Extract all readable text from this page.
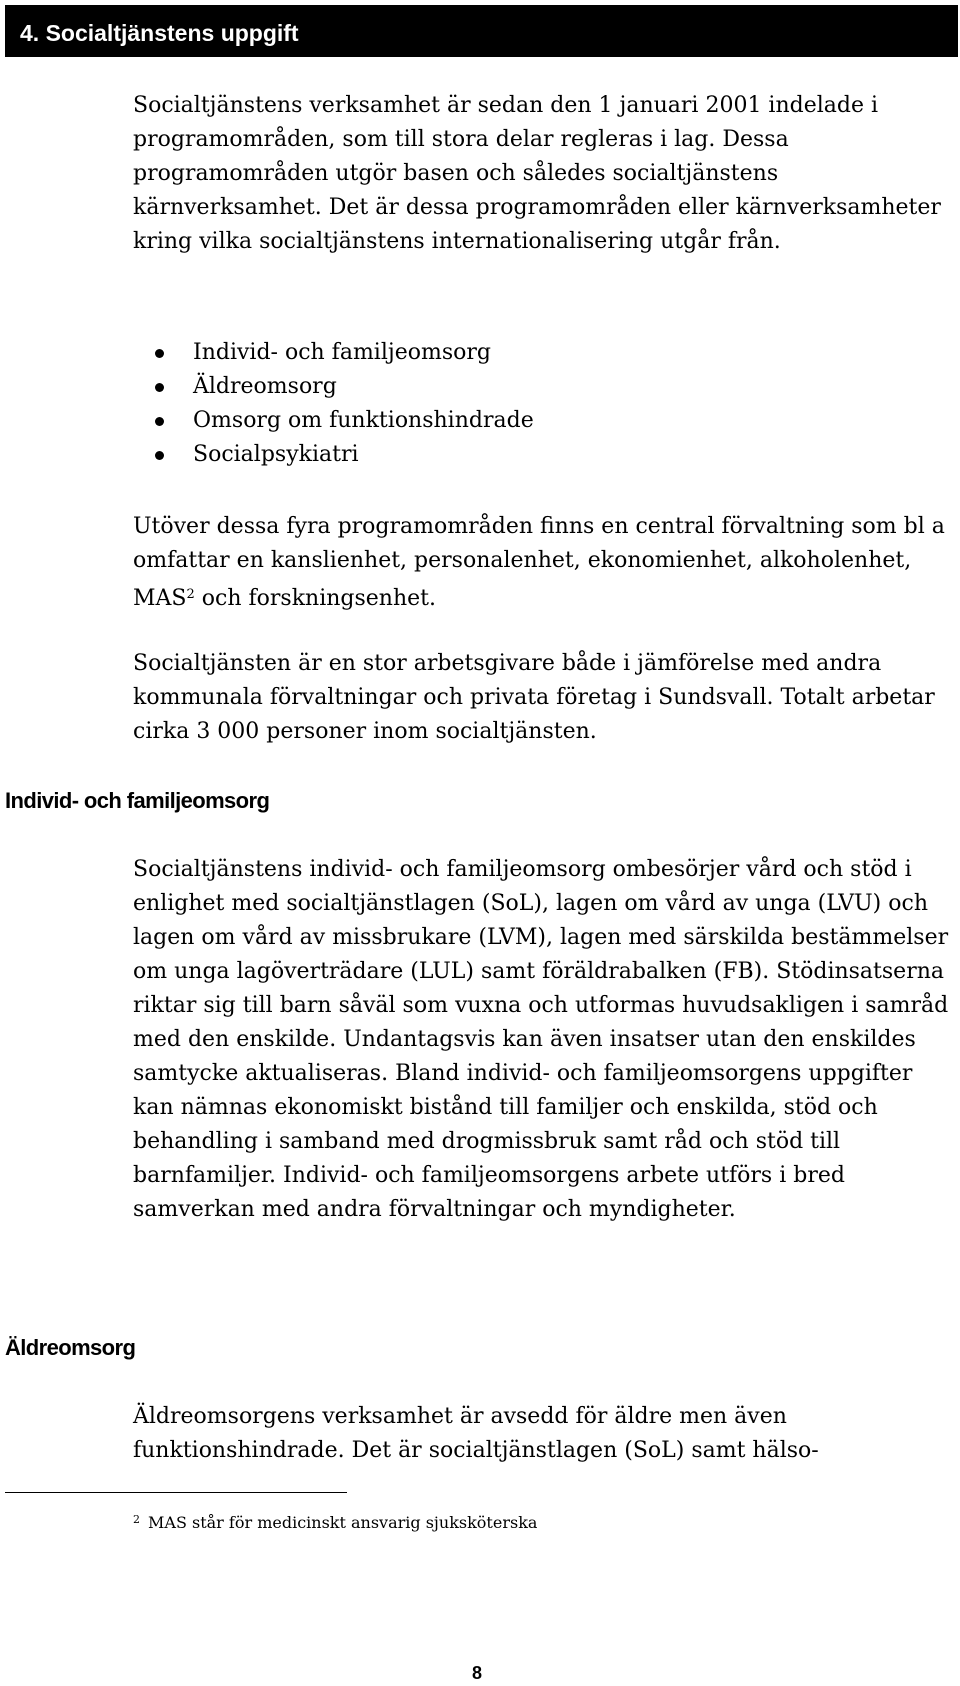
4. Socialtjänstens uppgift

Socialtjänstens verksamhet är sedan den 1 januari 2001 indelade i programområden, som till stora delar regleras i lag. Dessa programområden utgör basen och således socialtjänstens kärnverksamhet. Det är dessa programområden eller kärnverksamheter kring vilka socialtjänstens internationalisering utgår från.

Individ- och familjeomsorg
Äldreomsorg
Omsorg om funktionshindrade
Socialpsykiatri

Utöver dessa fyra programområden finns en central förvaltning som bl a omfattar en kanslienhet, personalenhet, ekonomienhet, alkoholenhet, MAS$^2$ och forskningsenhet.

Socialtjänsten är en stor arbetsgivare både i jämförelse med andra kommunala förvaltningar och privata företag i Sundsvall. Totalt arbetar cirka 3 000 personer inom socialtjänsten.

Individ- och familjeomsorg

Socialtjänstens individ- och familjeomsorg ombesörjer vård och stöd i enlighet med socialtjänstlagen (SoL), lagen om vård av unga (LVU) och lagen om vård av missbrukare (LVM), lagen med särskilda bestämmelser om unga lagöverträdare (LUL) samt föräldrabalken (FB). Stödinsatserna riktar sig till barn såväl som vuxna och utformas huvudsakligen i samråd med den enskilde. Undantagsvis kan även insatser utan den enskildes samtycke aktualiseras. Bland individ- och familjeomsorgens uppgifter kan nämnas ekonomiskt bistånd till familjer och enskilda, stöd och behandling i samband med drogmissbruk samt råd och stöd till barnfamiljer. Individ- och familjeomsorgens arbete utförs i bred samverkan med andra förvaltningar och myndigheter.

Äldreomsorg

Äldreomsorgens verksamhet är avsedd för äldre men även funktionshindrade. Det är socialtjänstlagen (SoL) samt hälso-

$^2$ MAS står för medicinskt ansvarig sjuksköterska
8
